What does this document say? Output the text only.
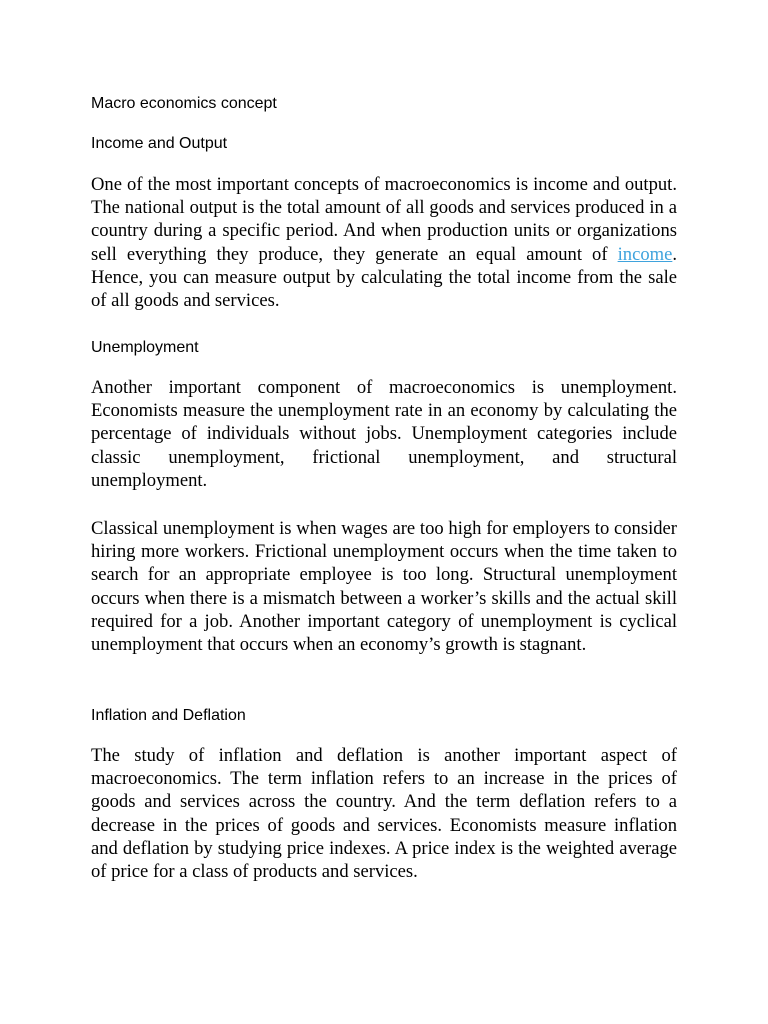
Macro economics concept
Income and Output

One of the most important concepts of macroeconomics is income and output. The national output is the total amount of all goods and services produced in a country during a specific period. And when production units or organizations sell everything they produce, they generate an equal amount of income. Hence, you can measure output by calculating the total income from the sale of all goods and services.

Unemployment

Another important component of macroeconomics is unemployment. Economists measure the unemployment rate in an economy by calculating the percentage of individuals without jobs. Unemployment categories include classic unemployment, frictional unemployment, and structural unemployment.

Classical unemployment is when wages are too high for employers to consider hiring more workers. Frictional unemployment occurs when the time taken to search for an appropriate employee is too long. Structural unemployment occurs when there is a mismatch between a worker’s skills and the actual skill required for a job. Another important category of unemployment is cyclical unemployment that occurs when an economy’s growth is stagnant.

Inflation and Deflation

The study of inflation and deflation is another important aspect of macroeconomics. The term inflation refers to an increase in the prices of goods and services across the country. And the term deflation refers to a decrease in the prices of goods and services. Economists measure inflation and deflation by studying price indexes. A price index is the weighted average of price for a class of products and services.
